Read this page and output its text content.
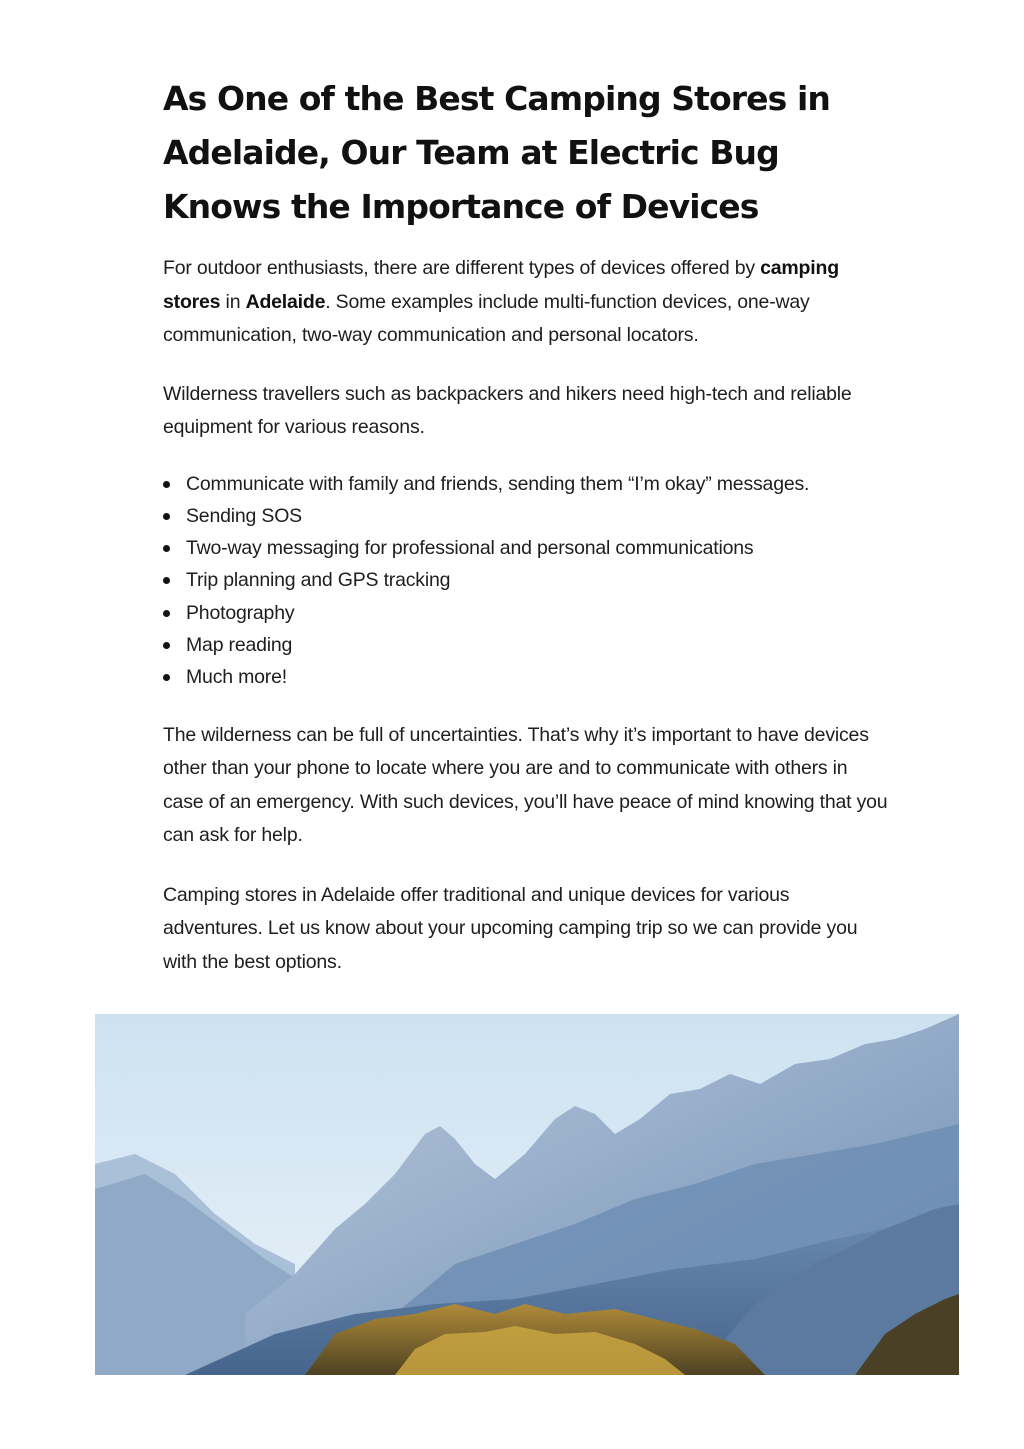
As One of the Best Camping Stores in Adelaide, Our Team at Electric Bug Knows the Importance of Devices

For outdoor enthusiasts, there are different types of devices offered by camping stores in Adelaide. Some examples include multi-function devices, one-way communication, two-way communication and personal locators.

Wilderness travellers such as backpackers and hikers need high-tech and reliable equipment for various reasons.

Communicate with family and friends, sending them “I’m okay” messages.
Sending SOS
Two-way messaging for professional and personal communications
Trip planning and GPS tracking
Photography
Map reading
Much more!

The wilderness can be full of uncertainties. That’s why it’s important to have devices other than your phone to locate where you are and to communicate with others in case of an emergency. With such devices, you’ll have peace of mind knowing that you can ask for help.

Camping stores in Adelaide offer traditional and unique devices for various adventures. Let us know about your upcoming camping trip so we can provide you with the best options.
